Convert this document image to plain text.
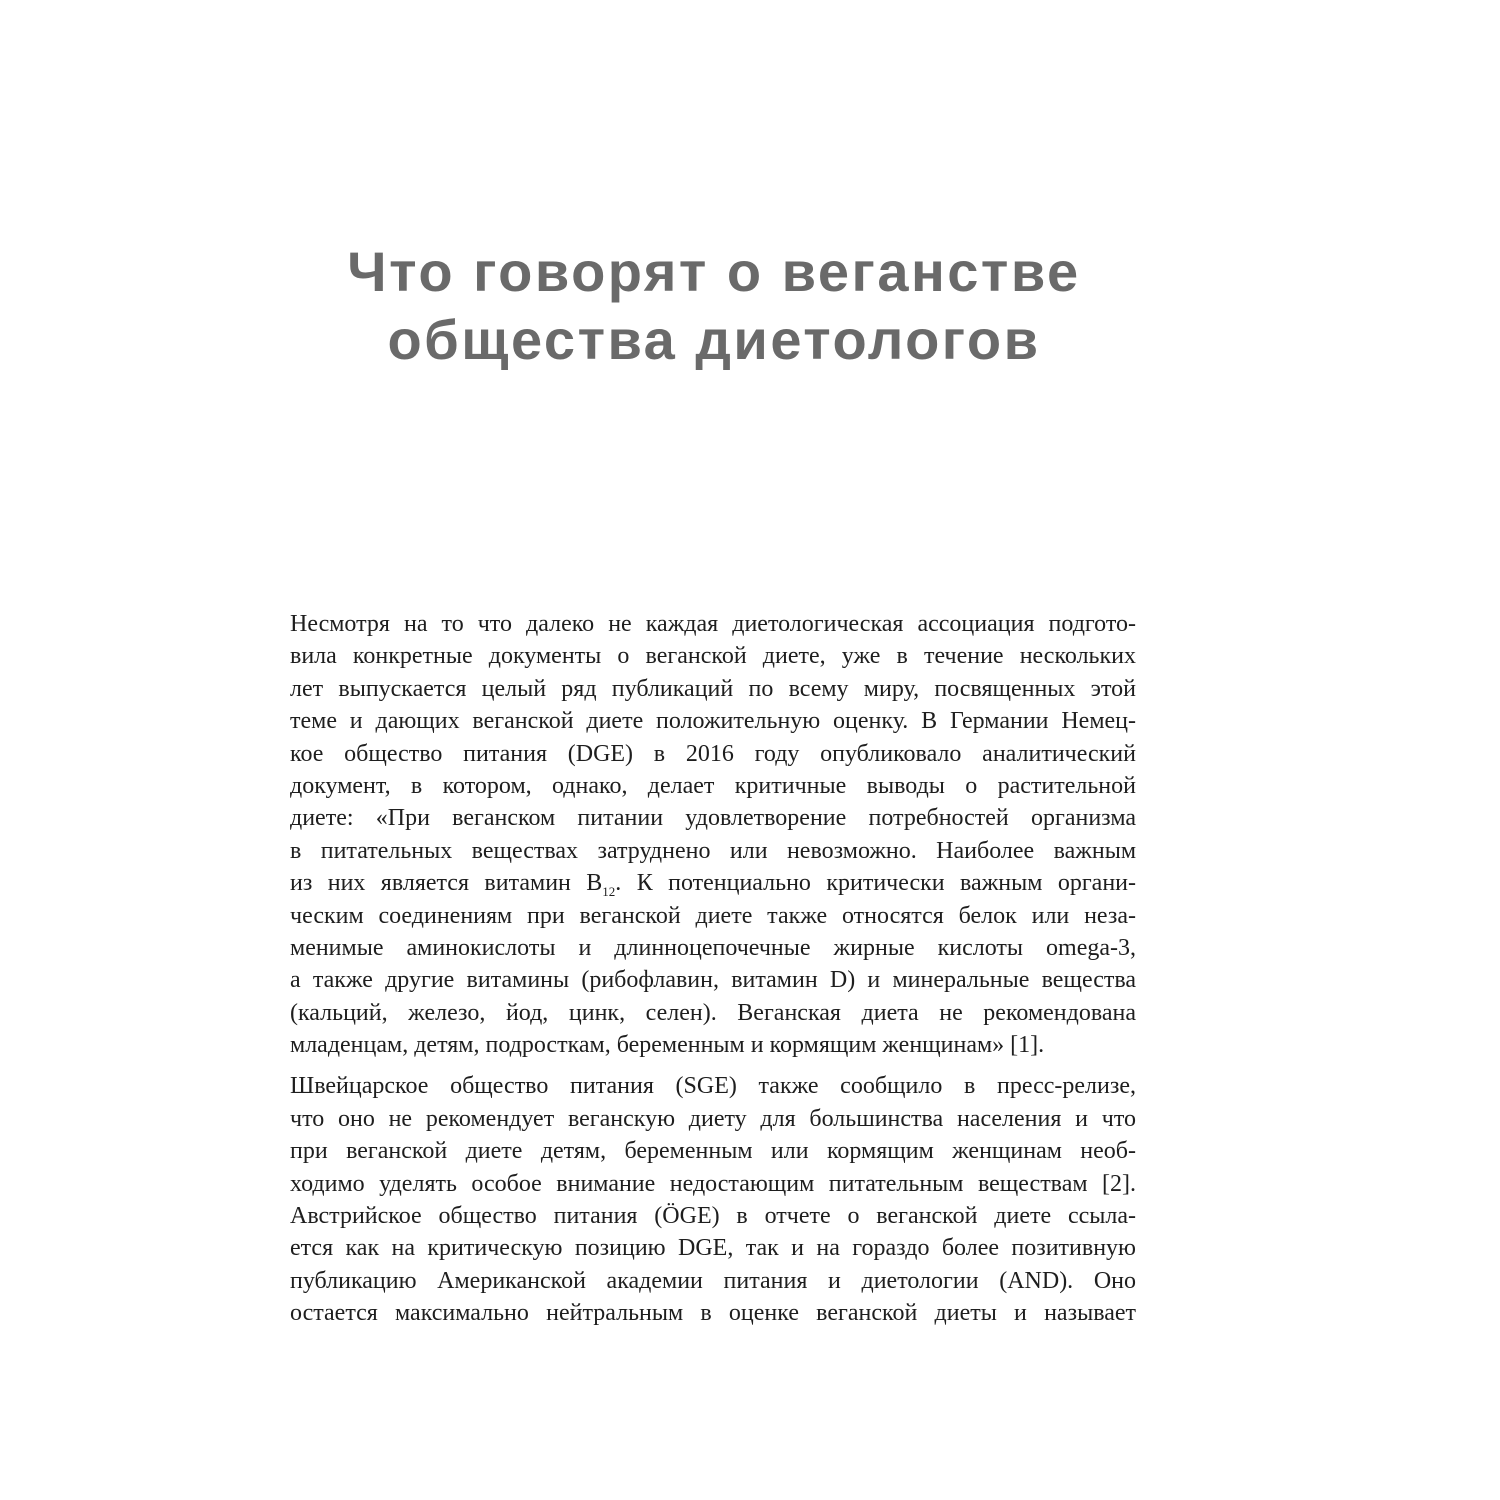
Что говорят о веганстве
общества диетологов
Несмотря на то что далеко не каждая диетологическая ассоциация подгото-
вила конкретные документы о веганской диете, уже в течение нескольких
лет выпускается целый ряд публикаций по всему миру, посвященных этой
теме и дающих веганской диете положительную оценку. В Германии Немец-
кое общество питания (DGE) в 2016 году опубликовало аналитический
документ, в котором, однако, делает критичные выводы о растительной
диете: «При веганском питании удовлетворение потребностей организма
в питательных веществах затруднено или невозможно. Наиболее важным
из них является витамин $B_{12}$. К потенциально критически важным органи-
ческим соединениям при веганской диете также относятся белок или неза-
менимые аминокислоты и длинноцепочечные жирные кислоты omega-3,
а также другие витамины (рибофлавин, витамин D) и минеральные вещества
(кальций, железо, йод, цинк, селен). Веганская диета не рекомендована
младенцам, детям, подросткам, беременным и кормящим женщинам» [1].
Швейцарское общество питания (SGE) также сообщило в пресс-релизе,
что оно не рекомендует веганскую диету для большинства населения и что
при веганской диете детям, беременным или кормящим женщинам необ-
ходимо уделять особое внимание недостающим питательным веществам [2].
Австрийское общество питания (ÖGE) в отчете о веганской диете ссыла-
ется как на критическую позицию DGE, так и на гораздо более позитивную
публикацию Американской академии питания и диетологии (AND). Оно
остается максимально нейтральным в оценке веганской диеты и называет
